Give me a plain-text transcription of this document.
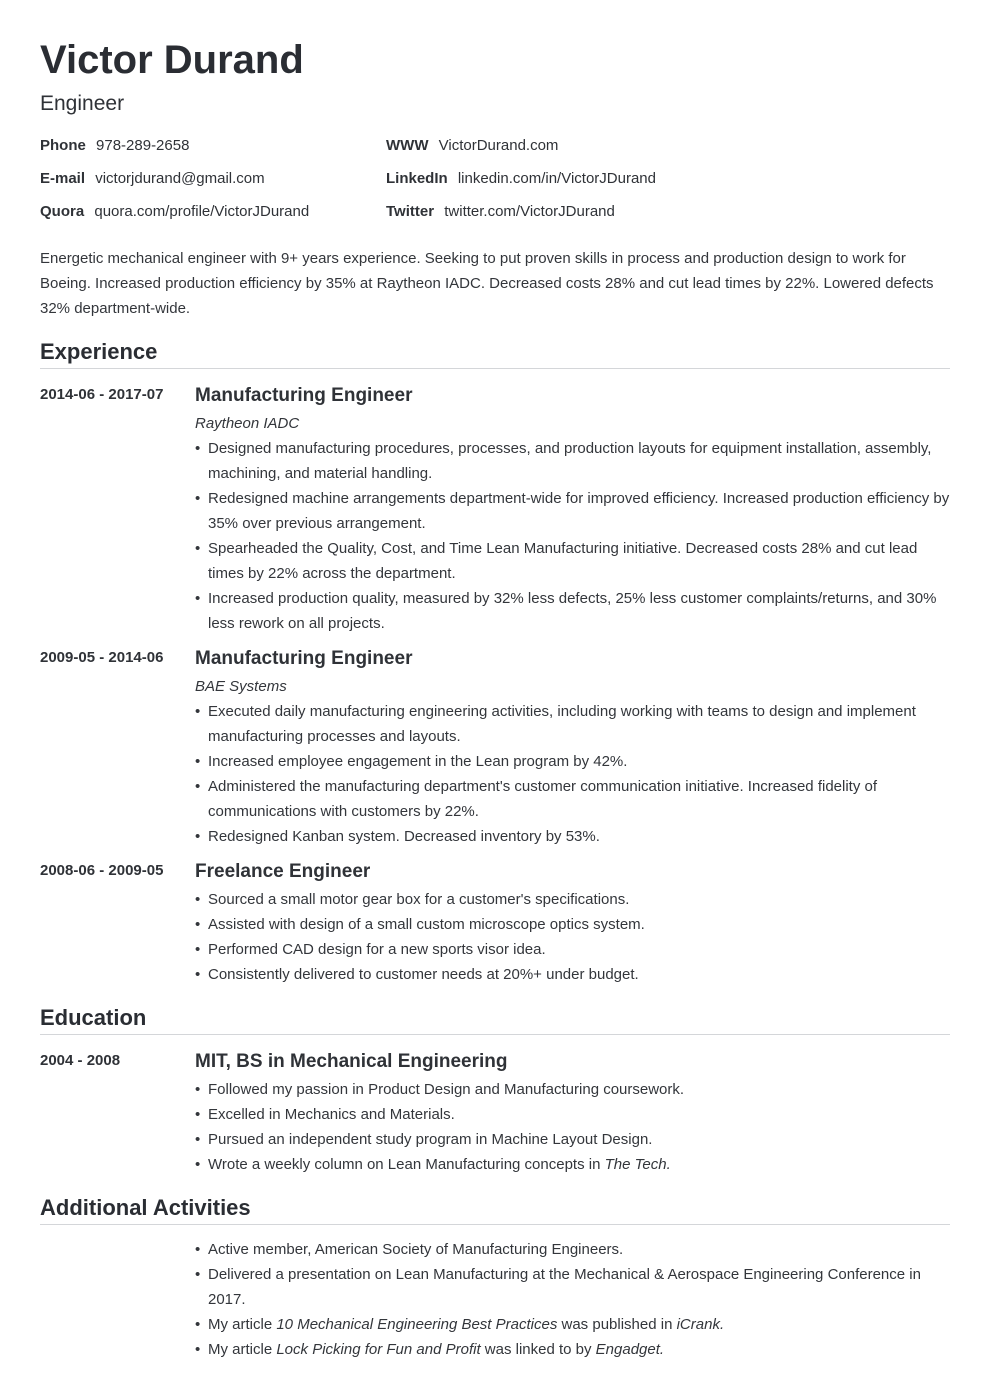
Victor Durand
Engineer
Phone 978-289-2658	WWW VictorDurand.com
E-mail victorjdurand@gmail.com	LinkedIn linkedin.com/in/VictorJDurand
Quora quora.com/profile/VictorJDurand	Twitter twitter.com/VictorJDurand

Energetic mechanical engineer with 9+ years experience. Seeking to put proven skills in process and production design to work for Boeing. Increased production efficiency by 35% at Raytheon IADC. Decreased costs 28% and cut lead times by 22%. Lowered defects 32% department-wide.

Experience
2014-06 - 2017-07	Manufacturing Engineer
Raytheon IADC
• Designed manufacturing procedures, processes, and production layouts for equipment installation, assembly, machining, and material handling.
• Redesigned machine arrangements department-wide for improved efficiency. Increased production efficiency by 35% over previous arrangement.
• Spearheaded the Quality, Cost, and Time Lean Manufacturing initiative. Decreased costs 28% and cut lead times by 22% across the department.
• Increased production quality, measured by 32% less defects, 25% less customer complaints/returns, and 30% less rework on all projects.
2009-05 - 2014-06	Manufacturing Engineer
BAE Systems
• Executed daily manufacturing engineering activities, including working with teams to design and implement manufacturing processes and layouts.
• Increased employee engagement in the Lean program by 42%.
• Administered the manufacturing department's customer communication initiative. Increased fidelity of communications with customers by 22%.
• Redesigned Kanban system. Decreased inventory by 53%.
2008-06 - 2009-05	Freelance Engineer
• Sourced a small motor gear box for a customer's specifications.
• Assisted with design of a small custom microscope optics system.
• Performed CAD design for a new sports visor idea.
• Consistently delivered to customer needs at 20%+ under budget.
Education
2004 - 2008	MIT, BS in Mechanical Engineering
• Followed my passion in Product Design and Manufacturing coursework.
• Excelled in Mechanics and Materials.
• Pursued an independent study program in Machine Layout Design.
• Wrote a weekly column on Lean Manufacturing concepts in The Tech.
Additional Activities
• Active member, American Society of Manufacturing Engineers.
• Delivered a presentation on Lean Manufacturing at the Mechanical & Aerospace Engineering Conference in 2017.
• My article 10 Mechanical Engineering Best Practices was published in iCrank.
• My article Lock Picking for Fun and Profit was linked to by Engadget.
